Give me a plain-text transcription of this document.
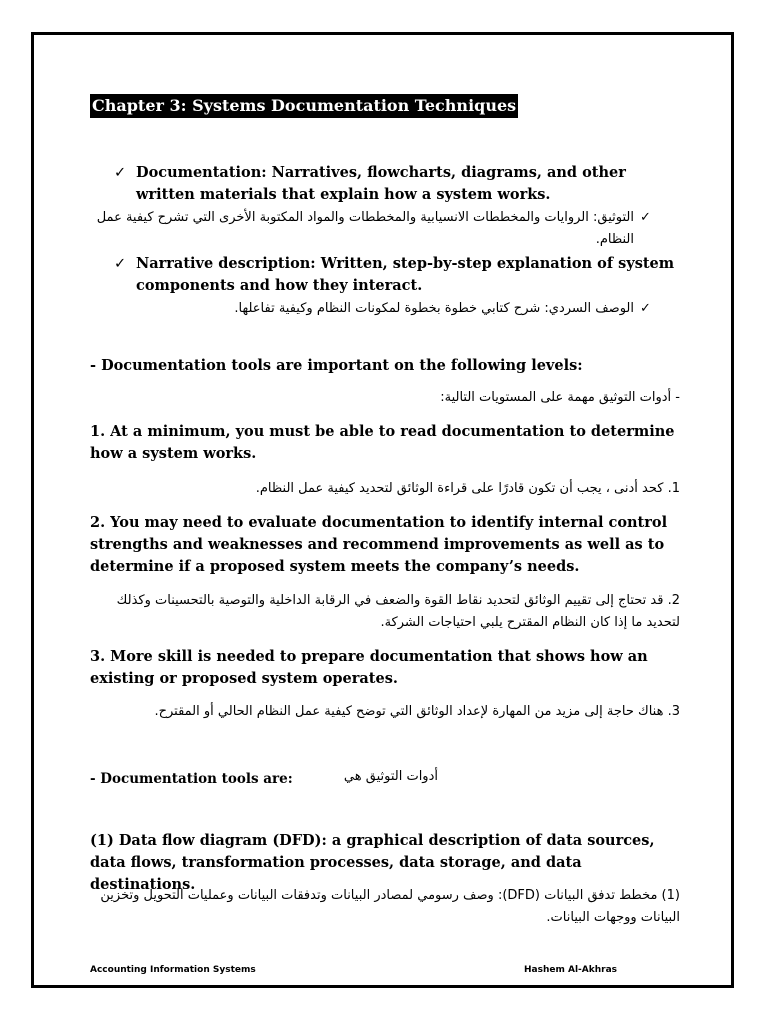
Chapter 3: Systems Documentation Techniques
✓ Documentation: Narratives, flowcharts, diagrams, and other written materials that explain how a system works.
التوثيق: الروايات والمخططات الانسيابية والمخططات والمواد المكتوبة الأخرى التي تشرح كيفية عمل النظام.
✓
✓ Narrative description: Written, step-by-step explanation of system components and how they interact.
الوصف السردي: شرح كتابي خطوة بخطوة لمكونات النظام وكيفية تفاعلها. ✓
- Documentation tools are important on the following levels:
- أدوات التوثيق مهمة على المستويات التالية:
1. At a minimum, you must be able to read documentation to determine how a system works.
1. كحد أدنى ، يجب أن تكون قادرًا على قراءة الوثائق لتحديد كيفية عمل النظام.
2. You may need to evaluate documentation to identify internal control strengths and weaknesses and recommend improvements as well as to determine if a proposed system meets the company’s needs.
2. قد تحتاج إلى تقييم الوثائق لتحديد نقاط القوة والضعف في الرقابة الداخلية والتوصية بالتحسينات وكذلك لتحديد ما إذا كان النظام المقترح يلبي احتياجات الشركة.
3. More skill is needed to prepare documentation that shows how an existing or proposed system operates.
3. هناك حاجة إلى مزيد من المهارة لإعداد الوثائق التي توضح كيفية عمل النظام الحالي أو المقترح.
- Documentation tools are:	أدوات التوثيق هي
(1) Data flow diagram (DFD): a graphical description of data sources, data flows, transformation processes, data storage, and data destinations.
(1) مخطط تدفق البيانات (DFD): وصف رسومي لمصادر البيانات وتدفقات البيانات وعمليات التحويل وتخزين البيانات ووجهات البيانات.
Accounting Information Systems	Hashem Al-Akhras
